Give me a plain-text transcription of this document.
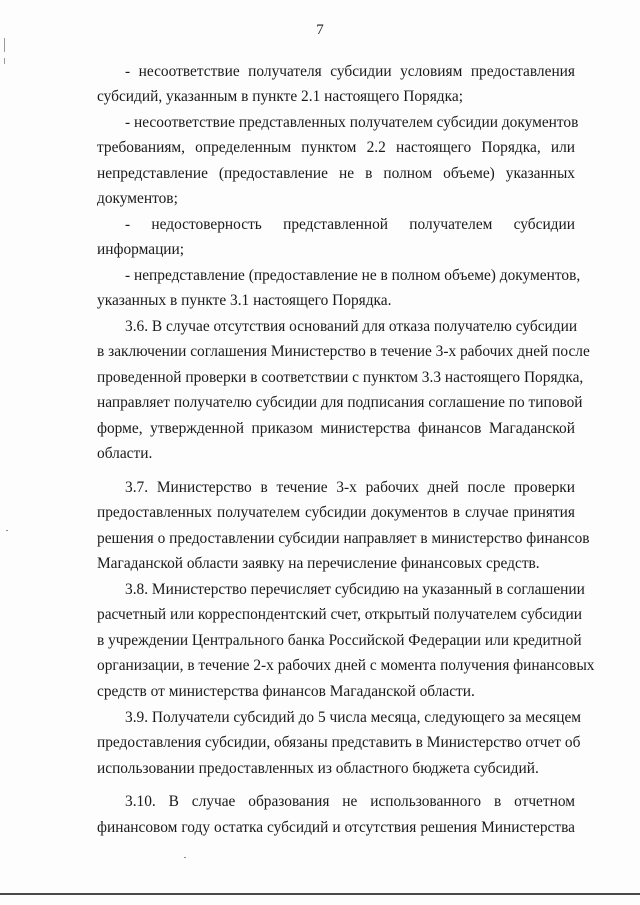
7
- несоответствие получателя субсидии условиям предоставления
субсидий, указанным в пункте 2.1 настоящего Порядка;
- несоответствие представленных получателем субсидии документов
требованиям, определенным пунктом 2.2 настоящего Порядка, или
непредставление (предоставление не в полном объеме) указанных
документов;
- недостоверность представленной получателем субсидии
информации;
- непредставление (предоставление не в полном объеме) документов,
указанных в пункте 3.1 настоящего Порядка.
3.6. В случае отсутствия оснований для отказа получателю субсидии
в заключении соглашения Министерство в течение 3-х рабочих дней после
проведенной проверки в соответствии с пунктом 3.3 настоящего Порядка,
направляет получателю субсидии для подписания соглашение по типовой
форме, утвержденной приказом министерства финансов Магаданской
области.
3.7. Министерство в течение 3-х рабочих дней после проверки
предоставленных получателем субсидии документов в случае принятия
решения о предоставлении субсидии направляет в министерство финансов
Магаданской области заявку на перечисление финансовых средств.
3.8. Министерство перечисляет субсидию на указанный в соглашении
расчетный или корреспондентский счет, открытый получателем субсидии
в учреждении Центрального банка Российской Федерации или кредитной
организации, в течение 2-х рабочих дней с момента получения финансовых
средств от министерства финансов Магаданской области.
3.9. Получатели субсидий до 5 числа месяца, следующего за месяцем
предоставления субсидии, обязаны представить в Министерство отчет об
использовании предоставленных из областного бюджета субсидий.
3.10. В случае образования не использованного в отчетном
финансовом году остатка субсидий и отсутствия решения Министерства
